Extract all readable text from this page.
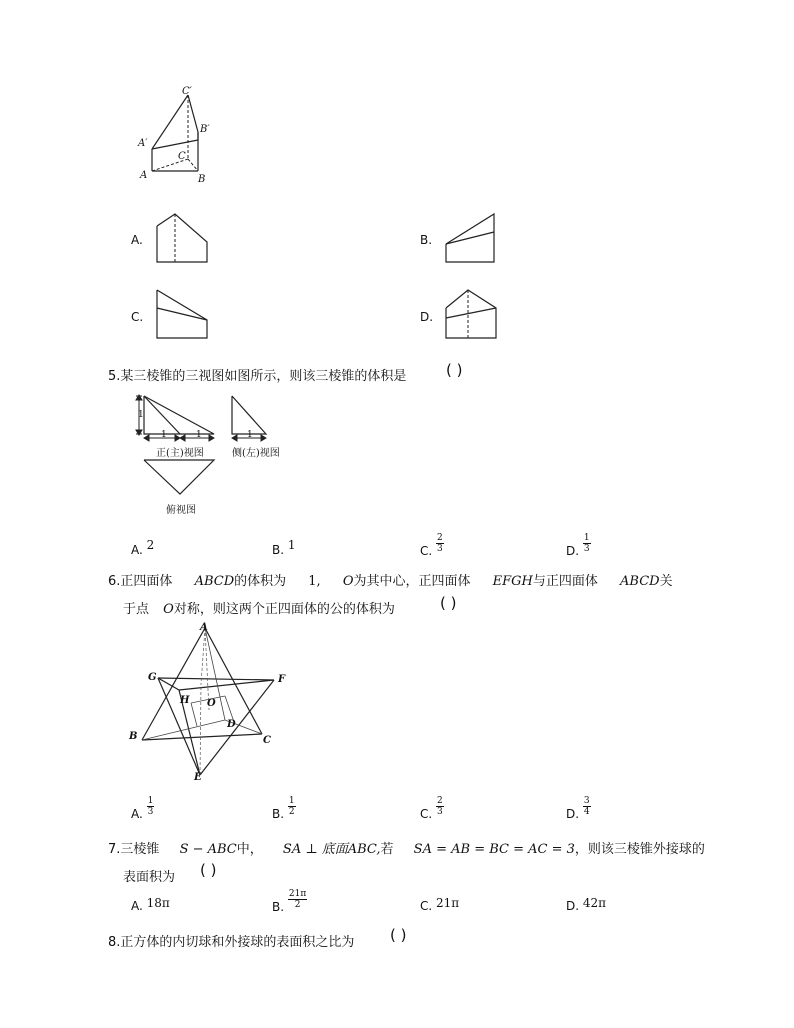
C′
B′
A′
C
A	B
A.	B.
C.	D.
5.某三棱锥的三视图如图所示，则该三棱锥的体积是	( )
1	1
1
1
正(主)视图	侧(左)视图
俯视图
A. 2	B. 1	C. $\frac{2}{3}$	D. $\frac{1}{3}$
6.正四面体 ABCD的体积为 1, O为其中心，正四面体 EFGH与正四面体 ABCD关
于点 O对称，则这两个正四面体的公的体积为	( )
A
G	F
H O
D
B	C
E
A. $\frac{1}{3}$	B. $\frac{1}{2}$	C. $\frac{2}{3}$	D. $\frac{3}{4}$
7.三棱锥 S − ABC中， SA ⊥ 底面ABC,若 SA = AB = BC = AC = 3，则该三棱锥外接球的
表面积为 ( )
A. 18π	B. $\frac{21\pi}{2}$	C. 21π	D. 42π
8.正方体的内切球和外接球的表面积之比为 ( )
